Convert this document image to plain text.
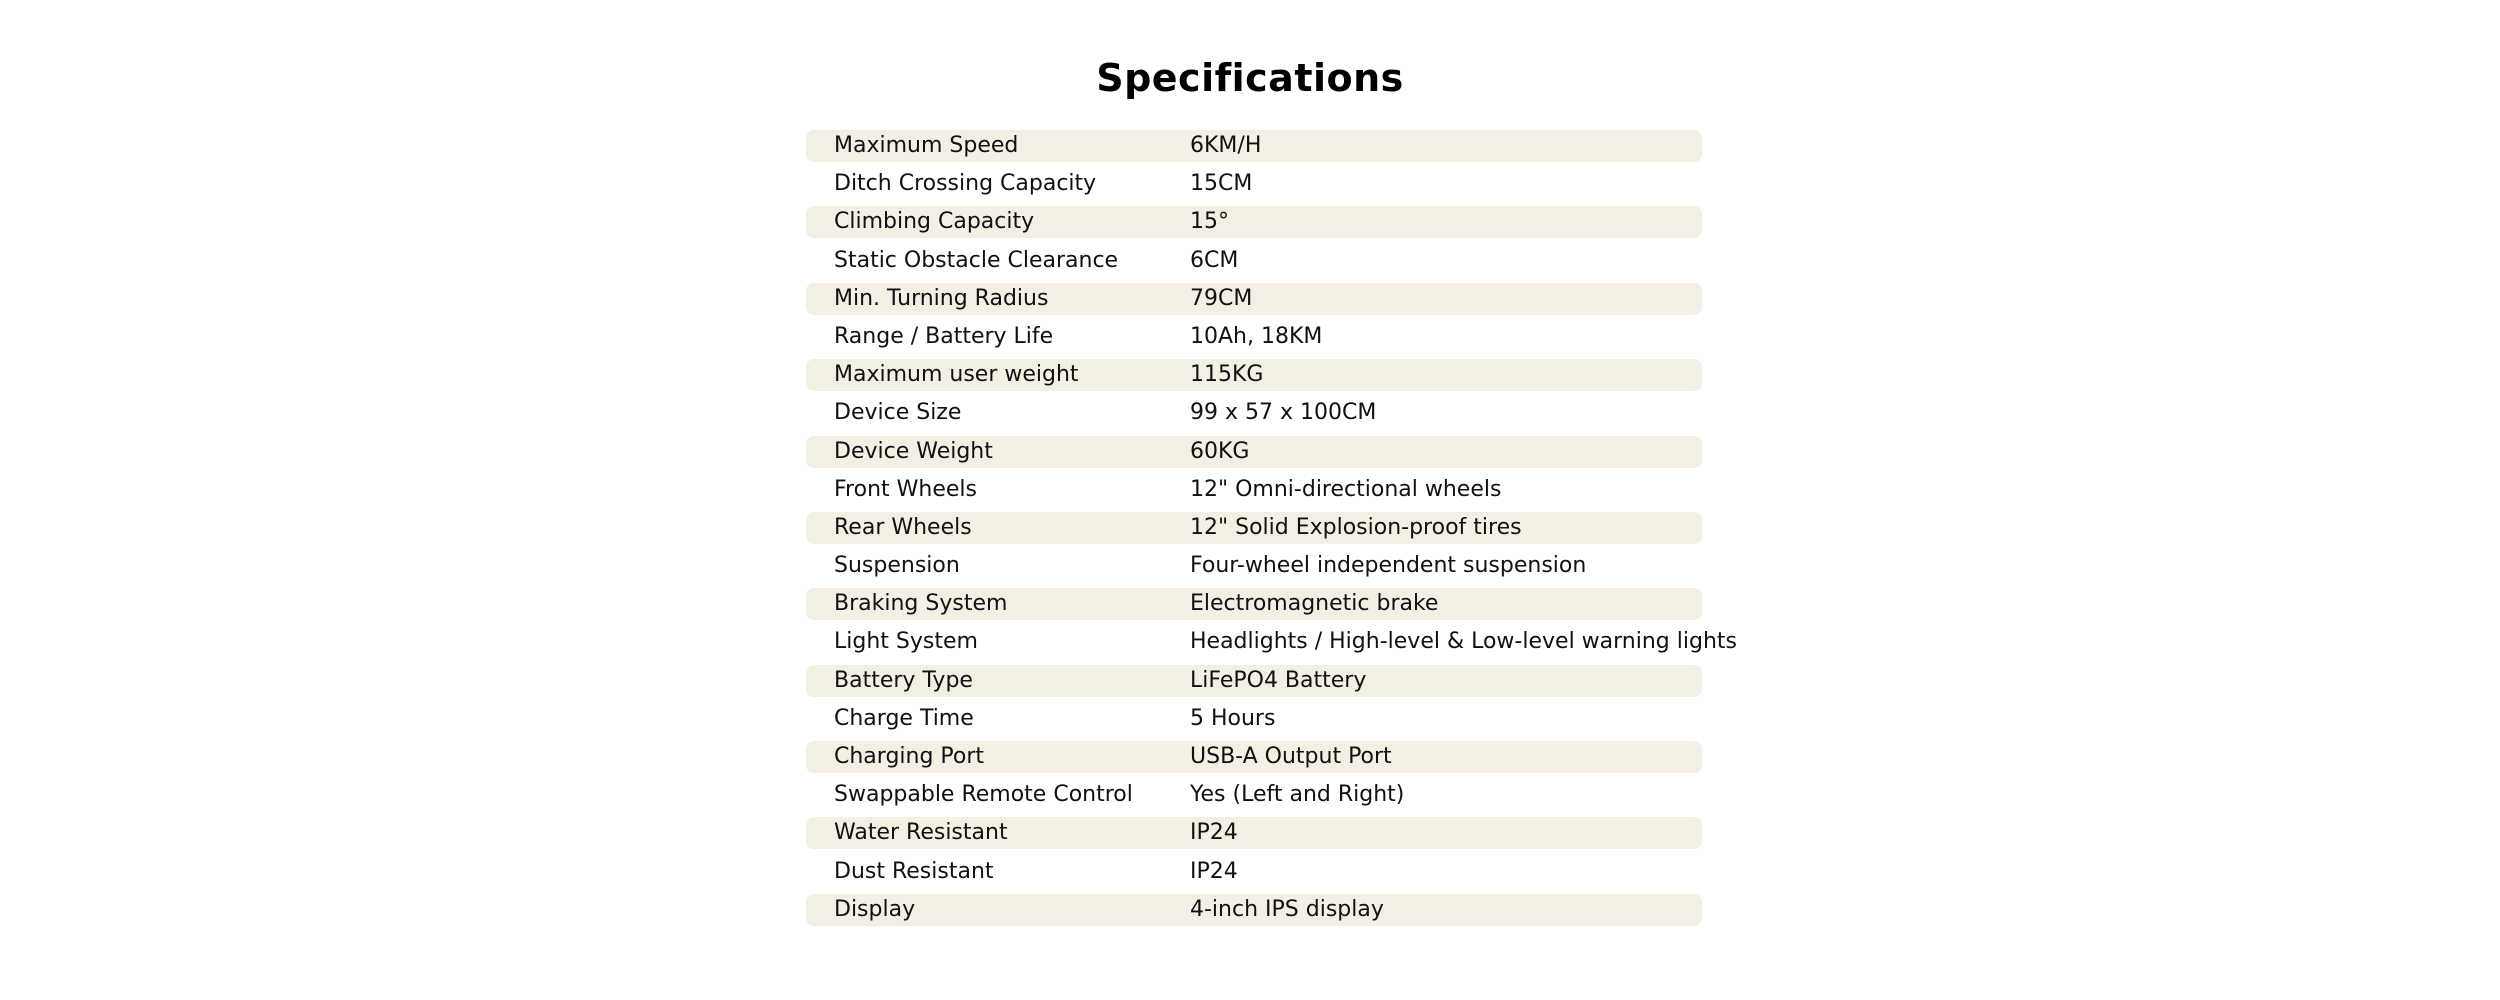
Specifications
Maximum Speed	6KM/H
Ditch Crossing Capacity	15CM
Climbing Capacity	15°
Static Obstacle Clearance	6CM
Min. Turning Radius	79CM
Range / Battery Life	10Ah, 18KM
Maximum user weight	115KG
Device Size	99 x 57 x 100CM
Device Weight	60KG
Front Wheels	12" Omni-directional wheels
Rear Wheels	12" Solid Explosion-proof tires
Suspension	Four-wheel independent suspension
Braking System	Electromagnetic brake
Light System	Headlights / High-level & Low-level warning lights
Battery Type	LiFePO4 Battery
Charge Time	5 Hours
Charging Port	USB-A Output Port
Swappable Remote Control	Yes (Left and Right)
Water Resistant	IP24
Dust Resistant	IP24
Display	4-inch IPS display
